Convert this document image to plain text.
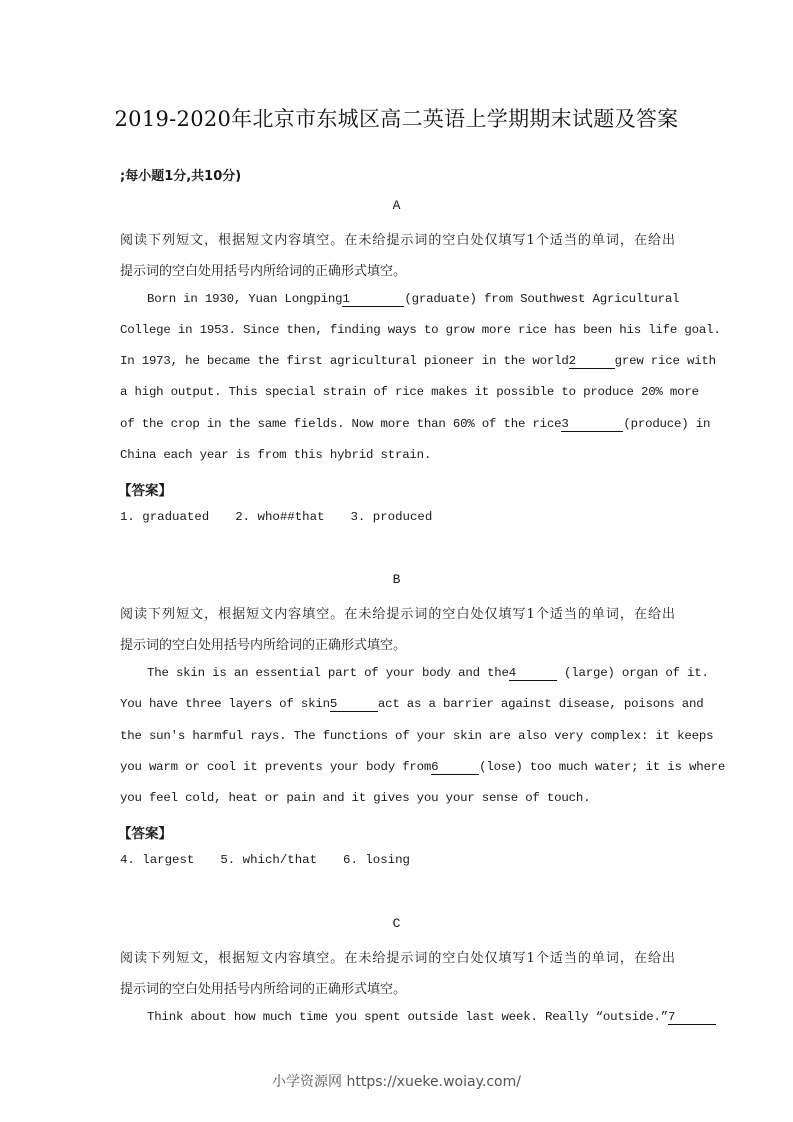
2019-2020年北京市东城区高二英语上学期期末试题及答案
;每小题1分,共10分)
A
阅读下列短文，根据短文内容填空。在未给提示词的空白处仅填写1个适当的单词，在给出
提示词的空白处用括号内所给词的正确形式填空。
Born in 1930, Yuan Longping1	(graduate) from Southwest Agricultural
College in 1953. Since then, finding ways to grow more rice has been his life goal.
In 1973, he became the first agricultural pioneer in the world2	grew rice with
a high output. This special strain of rice makes it possible to produce 20% more
of the crop in the same fields. Now more than 60% of the rice3	(produce) in
China each year is from this hybrid strain.
【答案】
1. graduated 2. who##that 3. produced
B
阅读下列短文，根据短文内容填空。在未给提示词的空白处仅填写1个适当的单词，在给出
提示词的空白处用括号内所给词的正确形式填空。
The skin is an essential part of your body and the4	(large) organ of it.
You have three layers of skin5	act as a barrier against disease, poisons and
the sun's harmful rays. The functions of your skin are also very complex: it keeps
you warm or cool it prevents your body from6	(lose) too much water; it is where
you feel cold, heat or pain and it gives you your sense of touch.
【答案】
4. largest 5. which/that 6. losing
C
阅读下列短文，根据短文内容填空。在未给提示词的空白处仅填写1个适当的单词，在给出
提示词的空白处用括号内所给词的正确形式填空。
Think about how much time you spent outside last week. Really “outside.”7
小学资源网 https://xueke.woiay.com/
